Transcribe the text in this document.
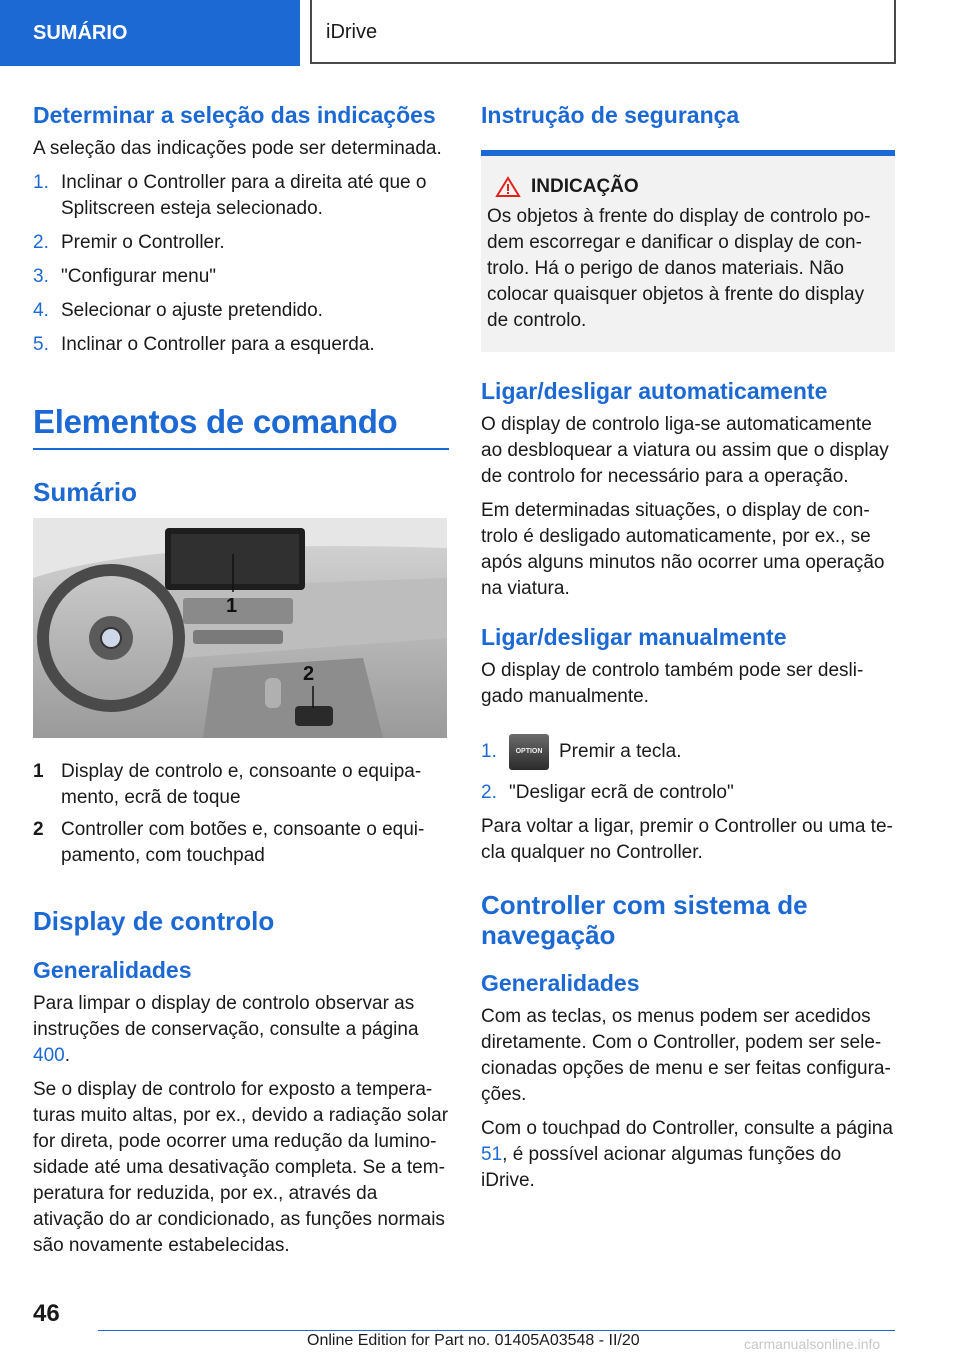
SUMÁRIO	iDrive
Determinar a seleção das indicações

A seleção das indicações pode ser determinada.

1. Inclinar o Controller para a direita até que o Splitscreen esteja selecionado.
2. Premir o Controller.
3. "Configurar menu"
4. Selecionar o ajuste pretendido.
5. Inclinar o Controller para a esquerda.
Elementos de comando
Sumário
1
2
1 Display de controlo e, consoante o equipamento, ecrã de toque
2 Controller com botões e, consoante o equipamento, com touchpad
Display de controlo
Generalidades

Para limpar o display de controlo observar as instruções de conservação, consulte a página 400.

Se o display de controlo for exposto a temperaturas muito altas, por ex., devido a radiação solar for direta, pode ocorrer uma redução da luminosidade até uma desativação completa. Se a temperatura for reduzida, por ex., através da ativação do ar condicionado, as funções normais são novamente estabelecidas.

Instrução de segurança
INDICAÇÃO

Os objetos à frente do display de controlo podem escorregar e danificar o display de controlo. Há o perigo de danos materiais. Não colocar quaisquer objetos à frente do display de controlo.

Ligar/desligar automaticamente

O display de controlo liga-se automaticamente ao desbloquear a viatura ou assim que o display de controlo for necessário para a operação.

Em determinadas situações, o display de controlo é desligado automaticamente, por ex., se após alguns minutos não ocorrer uma operação na viatura.

Ligar/desligar manualmente

O display de controlo também pode ser desligado manualmente.

1.	OPTION Premir a tecla.
2. "Desligar ecrã de controlo"

Para voltar a ligar, premir o Controller ou uma tecla qualquer no Controller.

Controller com sistema de navegação
Generalidades

Com as teclas, os menus podem ser acedidos diretamente. Com o Controller, podem ser selecionadas opções de menu e ser feitas configurações.

Com o touchpad do Controller, consulte a página 51, é possível acionar algumas funções do iDrive.

46
Online Edition for Part no. 01405A03548 - II/20	carmanualsonline.info
